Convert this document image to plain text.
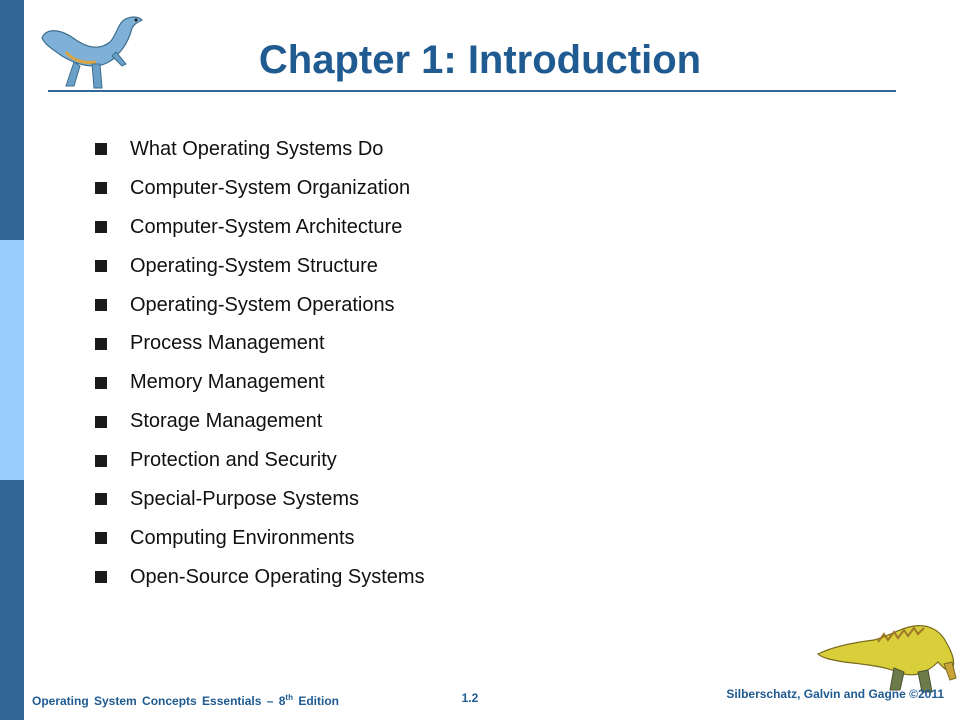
Chapter 1: Introduction
What Operating Systems Do
Computer-System Organization
Computer-System Architecture
Operating-System Structure
Operating-System Operations
Process Management
Memory Management
Storage Management
Protection and Security
Special-Purpose Systems
Computing Environments
Open-Source Operating Systems
Operating System Concepts Essentials – 8th Edition	1.2	Silberschatz, Galvin and Gagne ©2011
